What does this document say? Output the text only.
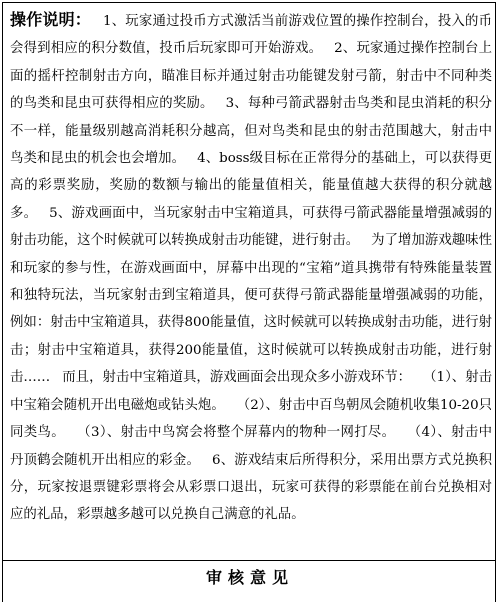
操作说明： 1、玩家通过投币方式激活当前游戏位置的操作控制台，投入的币会得到相应的积分数值，投币后玩家即可开始游戏。 2、玩家通过操作控制台上面的摇杆控制射击方向，瞄准目标并通过射击功能键发射弓箭，射击中不同种类的鸟类和昆虫可获得相应的奖励。 3、每种弓箭武器射击鸟类和昆虫消耗的积分不一样，能量级别越高消耗积分越高，但对鸟类和昆虫的射击范围越大，射击中鸟类和昆虫的机会也会增加。 4、boss级目标在正常得分的基础上，可以获得更高的彩票奖励，奖励的数额与输出的能量值相关，能量值越大获得的积分就越多。 5、游戏画面中，当玩家射击中宝箱道具，可获得弓箭武器能量增强减弱的射击功能，这个时候就可以转换成射击功能键，进行射击。 为了增加游戏趣味性和玩家的参与性，在游戏画面中，屏幕中出现的“宝箱”道具携带有特殊能量装置和独特玩法，当玩家射击到宝箱道具，便可获得弓箭武器能量增强减弱的功能，例如：射击中宝箱道具，获得800能量值，这时候就可以转换成射击功能，进行射击；射击中宝箱道具，获得200能量值，这时候就可以转换成射击功能，进行射击…… 而且，射击中宝箱道具，游戏画面会出现众多小游戏环节： （1）、射击中宝箱会随机开出电磁炮或钻头炮。 （2）、射击中百鸟朝凤会随机收集10-20只同类鸟。 （3）、射击中鸟窝会将整个屏幕内的物种一网打尽。 （4）、射击中丹顶鹤会随机开出相应的彩金。 6、游戏结束后所得积分，采用出票方式兑换积分，玩家按退票键彩票将会从彩票口退出，玩家可获得的彩票能在前台兑换相对应的礼品，彩票越多越可以兑换自己满意的礼品。
审核意见
